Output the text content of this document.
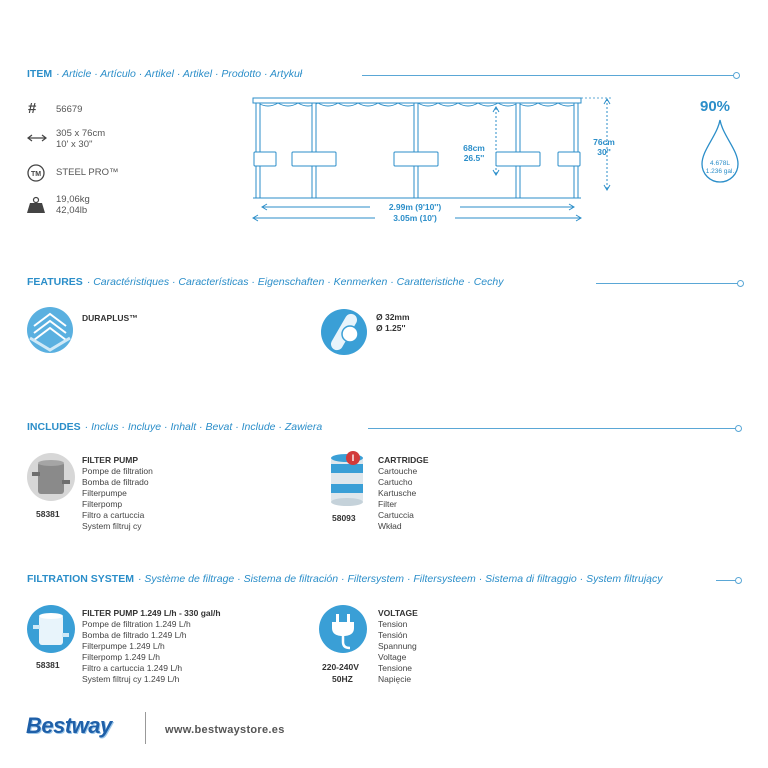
ITEM · Article · Artículo · Artikel · Artikel · Prodotto · Artykuł
# 56679
305 x 76cm
10' x 30''
TM STEEL PRO™
19,06kg
42,04lb
68cm
26.5''
76cm
30''
2.99m (9'10'')
3.05m (10')
90%
4.678L
1.236 gal.
FEATURES · Caractéristiques · Características · Eigenschaften · Kenmerken · Caratteristiche · Cechy
DURAPLUS™	Ø 32mm
Ø 1.25''
INCLUDES · Inclus · Incluye · Inhalt · Bevat · Include · Zawiera
58381
FILTER PUMP
Pompe de filtration
Bomba de filtrado
Filterpumpe
Filterpomp
Filtro a cartuccia
System filtruj cy
I
58093
CARTRIDGE
Cartouche
Cartucho
Kartusche
Filter
Cartuccia
Wkład
FILTRATION SYSTEM · Système de filtrage · Sistema de filtración · Filtersystem · Filtersysteem · Sistema di filtraggio · System filtrujący
58381
FILTER PUMP 1.249 L/h - 330 gal/h
Pompe de filtration 1.249 L/h
Bomba de filtrado 1.249 L/h
Filterpumpe 1.249 L/h
Filterpomp 1.249 L/h
Filtro a cartuccia 1.249 L/h
System filtruj cy 1.249 L/h
220-240V
50HZ
VOLTAGE
Tension
Tensión
Spannung
Voltage
Tensione
Napięcie
Bestway	www.bestwaystore.es
